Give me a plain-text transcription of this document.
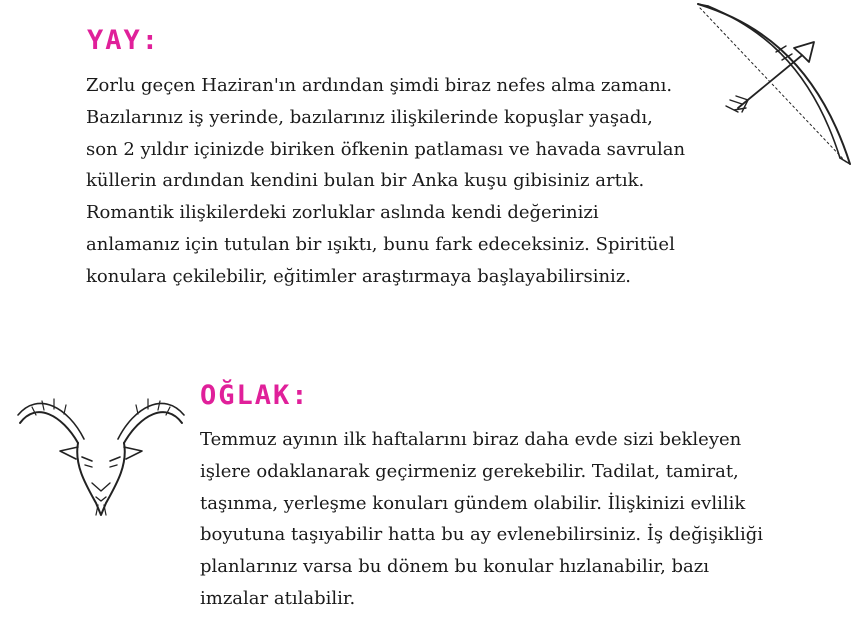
YAY:

Zorlu geçen Haziran'ın ardından şimdi biraz nefes alma zamanı.
Bazılarınız iş yerinde, bazılarınız ilişkilerinde kopuşlar yaşadı,
son 2 yıldır içinizde biriken öfkenin patlaması ve havada savrulan
küllerin ardından kendini bulan bir Anka kuşu gibisiniz artık.
Romantik ilişkilerdeki zorluklar aslında kendi değerinizi
anlamanız için tutulan bir ışıktı, bunu fark edeceksiniz. Spiritüel
konulara çekilebilir, eğitimler araştırmaya başlayabilirsiniz.

OĞLAK:

Temmuz ayının ilk haftalarını biraz daha evde sizi bekleyen
işlere odaklanarak geçirmeniz gerekebilir. Tadilat, tamirat,
taşınma, yerleşme konuları gündem olabilir. İlişkinizi evlilik
boyutuna taşıyabilir hatta bu ay evlenebilirsiniz. İş değişikliği
planlarınız varsa bu dönem bu konular hızlanabilir, bazı
imzalar atılabilir.
